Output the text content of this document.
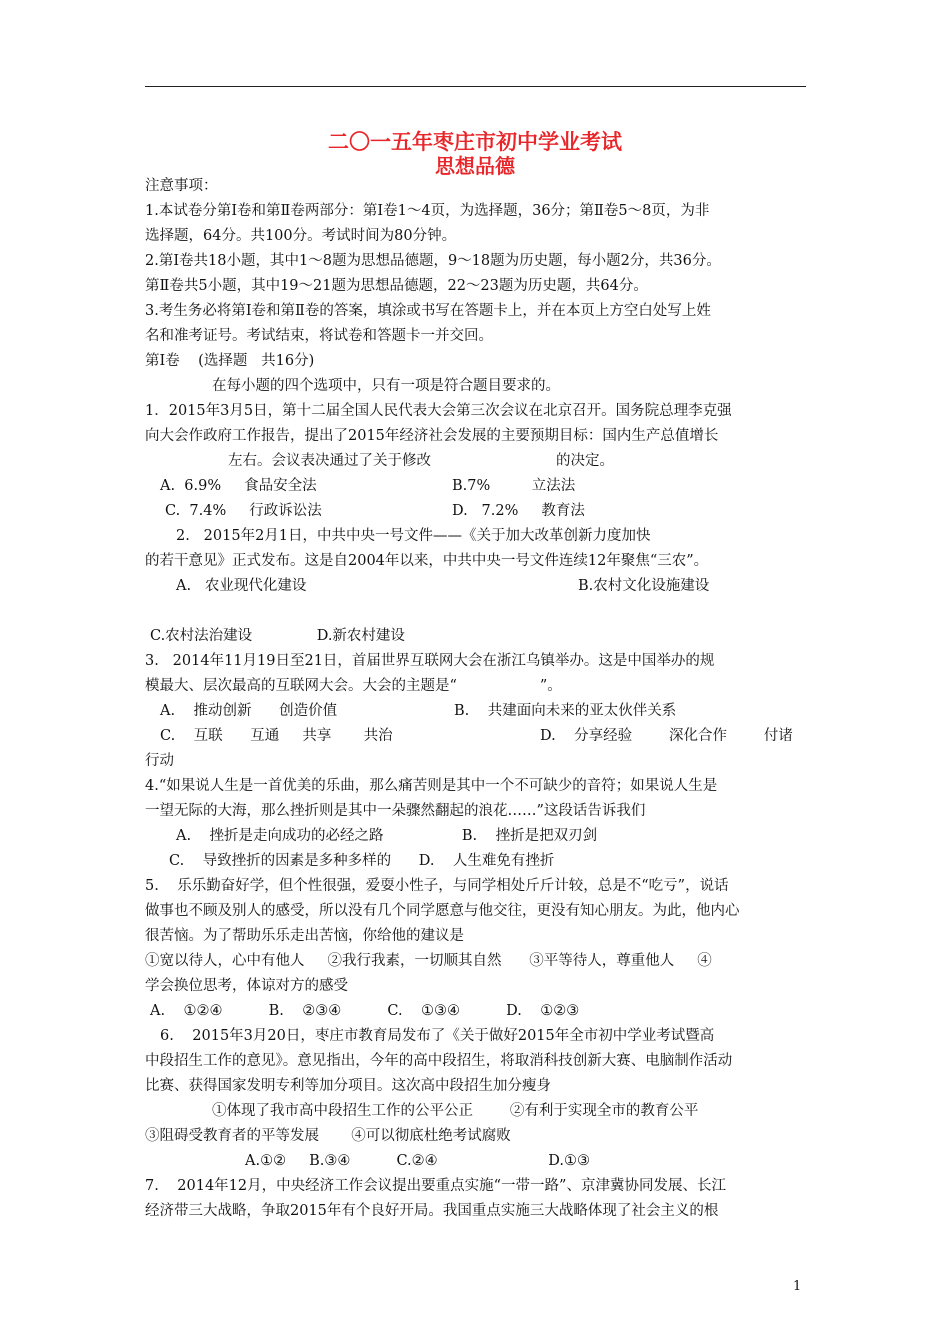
二〇一五年枣庄市初中学业考试
思想品德
注意事项：
1.本试卷分第Ⅰ卷和第Ⅱ卷两部分：第Ⅰ卷1～4页，为选择题，36分；第Ⅱ卷5～8页，为非
选择题，64分。共100分。考试时间为80分钟。
2.第Ⅰ卷共18小题，其中1～8题为思想品德题，9～18题为历史题，每小题2分，共36分。
第Ⅱ卷共5小题，其中19～21题为思想品德题，22～23题为历史题，共64分。
3.考生务必将第Ⅰ卷和第Ⅱ卷的答案，填涂或书写在答题卡上，并在本页上方空白处写上姓
名和准考证号。考试结束，将试卷和答题卡一并交回。
第Ⅰ卷    (选择题   共16分)
在每小题的四个选项中，只有一项是符合题目要求的。
1．2015年3月5日，第十二届全国人民代表大会第三次会议在北京召开。国务院总理李克强
向大会作政府工作报告，提出了2015年经济社会发展的主要预期目标：国内生产总值增长
左右。会议表决通过了关于修改	的决定。
A.  6.9%     食品安全法	B.7%         立法法
C.  7.4%     行政诉讼法	D.   7.2%     教育法
2.   2015年2月1日，中共中央一号文件——《关于加大改革创新力度加快
的若干意见》正式发布。这是自2004年以来，中共中央一号文件连续12年聚焦“三农”。
A.   农业现代化建设	B.农村文化设施建设
C.农村法治建设              D.新农村建设
3.   2014年11月19日至21日，首届世界互联网大会在浙江乌镇举办。这是中国举办的规
模最大、层次最高的互联网大会。大会的主题是“                  ”。
A.    推动创新      创造价值	B.    共建面向未来的亚太伙伴关系
C.    互联      互通     共享       共治	D.    分享经验        深化合作        付诸
行动
4.“如果说人生是一首优美的乐曲，那么痛苦则是其中一个不可缺少的音符；如果说人生是
一望无际的大海，那么挫折则是其中一朵骤然翻起的浪花……”这段话告诉我们
A.    挫折是走向成功的必经之路                 B.    挫折是把双刃剑
C.    导致挫折的因素是多种多样的      D.    人生难免有挫折
5.    乐乐勤奋好学，但个性很强，爱耍小性子，与同学相处斤斤计较，总是不“吃亏”，说话
做事也不顾及别人的感受，所以没有几个同学愿意与他交往，更没有知心朋友。为此，他内心
很苦恼。为了帮助乐乐走出苦恼，你给他的建议是
①宽以待人，心中有他人     ②我行我素，一切顺其自然      ③平等待人，尊重他人     ④
学会换位思考，体谅对方的感受
A.    ①②④          B.    ②③④          C.    ①③④          D.    ①②③
6.    2015年3月20日，枣庄市教育局发布了《关于做好2015年全市初中学业考试暨高
中段招生工作的意见》。意见指出，今年的高中段招生，将取消科技创新大赛、电脑制作活动
比赛、获得国家发明专利等加分项目。这次高中段招生加分瘦身
①体现了我市高中段招生工作的公平公正        ②有利于实现全市的教育公平
③阻碍受教育者的平等发展       ④可以彻底杜绝考试腐败
A.①②     B.③④          C.②④                        D.①③
7.    2014年12月，中央经济工作会议提出要重点实施“一带一路”、京津冀协同发展、长江
经济带三大战略，争取2015年有个良好开局。我国重点实施三大战略体现了社会主义的根
1
